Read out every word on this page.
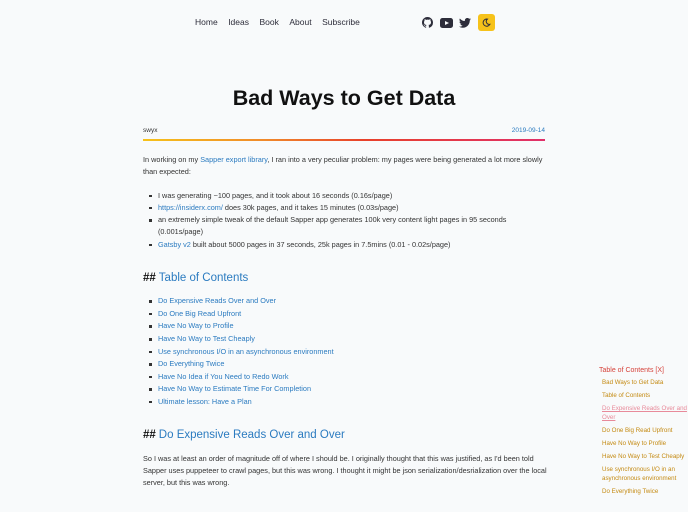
Home Ideas Book About Subscribe
Bad Ways to Get Data
swyx	2019-09-14

In working on my Sapper export library, I ran into a very peculiar problem: my pages were being generated a lot more slowly than expected:

I was generating ~100 pages, and it took about 16 seconds (0.16s/page)
https://insiderx.com/ does 30k pages, and it takes 15 minutes (0.03s/page)
an extremely simple tweak of the default Sapper app generates 100k very content light pages in 95 seconds (0.001s/page)
Gatsby v2 built about 5000 pages in 37 seconds, 25k pages in 7.5mins (0.01 - 0.02s/page)
## Table of Contents
Do Expensive Reads Over and Over
Do One Big Read Upfront
Have No Way to Profile
Have No Way to Test Cheaply
Use synchronous I/O in an asynchronous environment
Do Everything Twice
Have No Idea if You Need to Redo Work
Have No Way to Estimate Time For Completion
Ultimate lesson: Have a Plan
## Do Expensive Reads Over and Over

So I was at least an order of magnitude off of where I should be. I originally thought that this was justified, as I'd been told Sapper uses puppeteer to crawl pages, but this was wrong. I thought it might be json serialization/desrialization over the local server, but this was wrong.

Table of Contents [X]
Bad Ways to Get Data
Table of Contents
Do Expensive Reads Over and Over
Do One Big Read Upfront
Have No Way to Profile
Have No Way to Test Cheaply
Use synchronous I/O in an asynchronous environment
Do Everything Twice
